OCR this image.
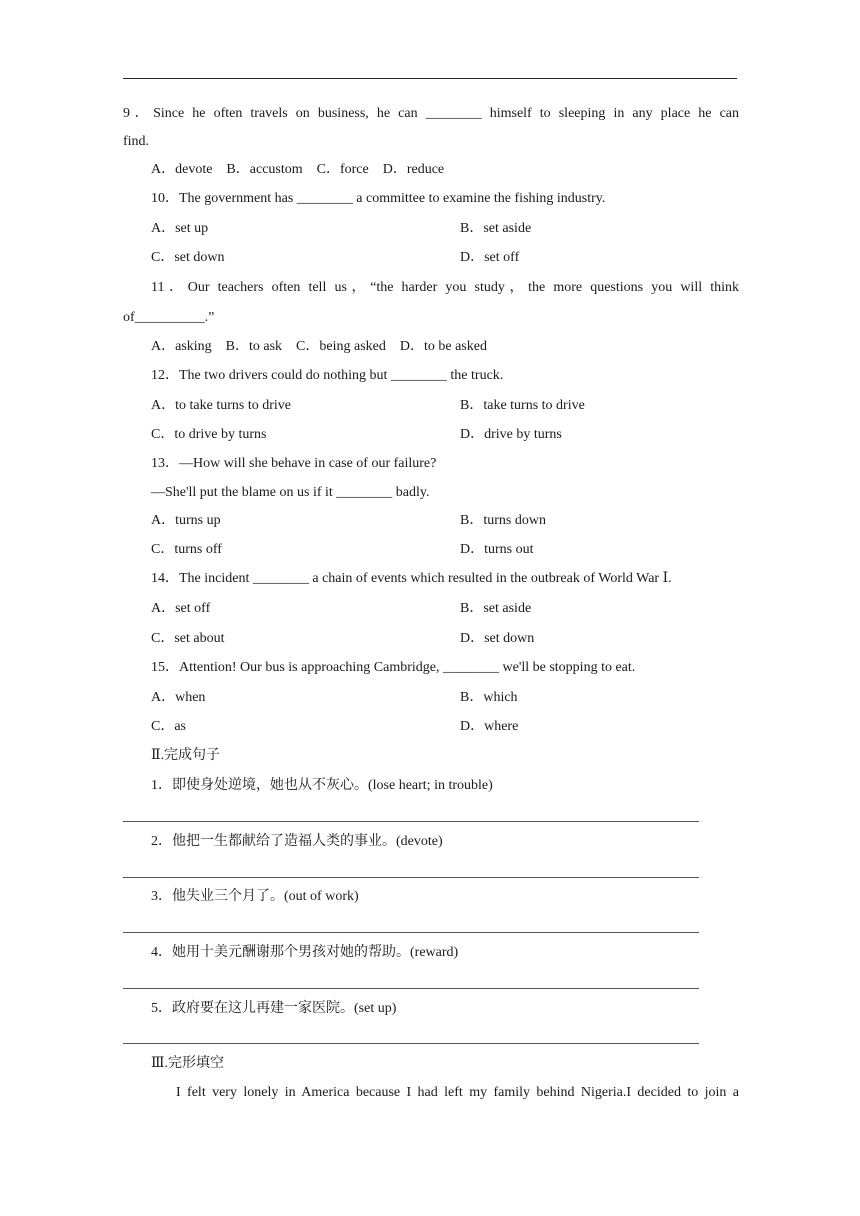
9．Since he often travels on business, he can ________ himself to sleeping in any place he can
find.
A．devote　B．accustom　C．force　D．reduce
10．The government has ________ a committee to examine the fishing industry.
A．set up	B．set aside
C．set down	D．set off
11．Our teachers often tell us，“the harder you study，the more questions you will think
of__________.”
A．asking　B．to ask　C．being asked　D．to be asked
12．The two drivers could do nothing but ________ the truck.
A．to take turns to drive	B．take turns to drive
C．to drive by turns	D．drive by turns
13．—How will she behave in case of our failure?
—She'll put the blame on us if it ________ badly.
A．turns up	B．turns down
C．turns off	D．turns out
14．The incident ________ a chain of events which resulted in the outbreak of World War Ⅰ.
A．set off	B．set aside
C．set about	D．set down
15．Attention! Our bus is approaching Cambridge, ________ we'll be stopping to eat.
A．when	B．which
C．as	D．where
Ⅱ.完成句子
1．即使身处逆境，她也从不灰心。(lose heart; in trouble)
2．他把一生都献给了造福人类的事业。(devote)
3．他失业三个月了。(out of work)
4．她用十美元酬谢那个男孩对她的帮助。(reward)
5．政府要在这儿再建一家医院。(set up)
Ⅲ.完形填空
I felt very lonely in America because I had left my family behind Nigeria.I decided to join a
